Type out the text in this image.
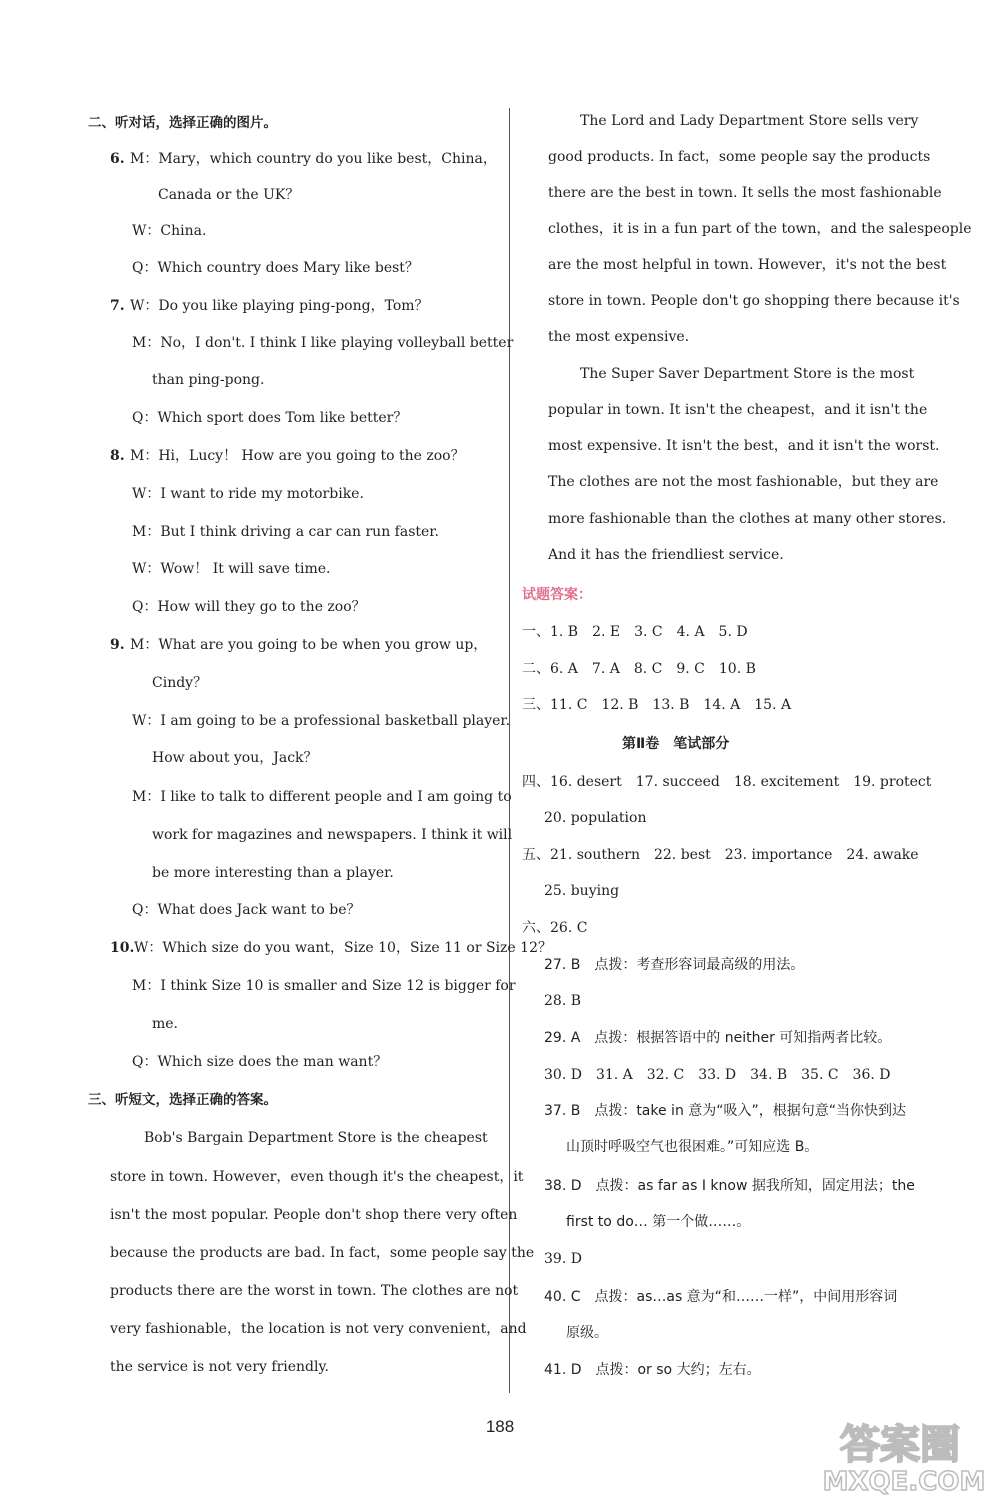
二、听对话，选择正确的图片。
6. M：Mary，which country do you like best，China，
Canada or the UK？
W：China.
Q：Which country does Mary like best？
7. W：Do you like playing ping-pong，Tom？
M：No，I don't. I think I like playing volleyball better
than ping-pong.
Q：Which sport does Tom like better？
8. M：Hi，Lucy！ How are you going to the zoo？
W：I want to ride my motorbike.
M：But I think driving a car can run faster.
W：Wow！ It will save time.
Q：How will they go to the zoo？
9. M：What are you going to be when you grow up，
Cindy？
W：I am going to be a professional basketball player.
How about you，Jack？
M：I like to talk to different people and I am going to
work for magazines and newspapers. I think it will
be more interesting than a player.
Q：What does Jack want to be？
10. W：Which size do you want，Size 10，Size 11 or Size 12？
M：I think Size 10 is smaller and Size 12 is bigger for
me.
Q：Which size does the man want？
三、听短文，选择正确的答案。
Bob's Bargain Department Store is the cheapest
store in town. However，even though it's the cheapest，it
isn't the most popular. People don't shop there very often
because the products are bad. In fact，some people say the
products there are the worst in town. The clothes are not
very fashionable，the location is not very convenient，and
the service is not very friendly.
The Lord and Lady Department Store sells very
good products. In fact，some people say the products
there are the best in town. It sells the most fashionable
clothes，it is in a fun part of the town，and the salespeople
are the most helpful in town. However，it's not the best
store in town. People don't go shopping there because it's
the most expensive.
The Super Saver Department Store is the most
popular in town. It isn't the cheapest，and it isn't the
most expensive. It isn't the best，and it isn't the worst.
The clothes are not the most fashionable，but they are
more fashionable than the clothes at many other stores.
And it has the friendliest service.
试题答案：
一、1. B　2. E　3. C　4. A　5. D
二、6. A　7. A　8. C　9. C　10. B
三、11. C　12. B　13. B　14. A　15. A
第Ⅱ卷　笔试部分
四、16. desert　17. succeed　18. excitement　19. protect
20. population
五、21. southern　22. best　23. importance　24. awake
25. buying
六、26. C
27. B　点拨：考查形容词最高级的用法。
28. B
29. A　点拨：根据答语中的 neither 可知指两者比较。
30. D　31. A　32. C　33. D　34. B　35. C　36. D
37. B　点拨：take in 意为“吸入”，根据句意“当你快到达
山顶时呼吸空气也很困难。”可知应选 B。
38. D　点拨：as far as I know 据我所知，固定用法；the
first to do… 第一个做……。
39. D
40. C　点拨：as…as 意为“和……一样”，中间用形容词
原级。
41. D　点拨：or so 大约；左右。
188	答案圈
MXQE.COM
